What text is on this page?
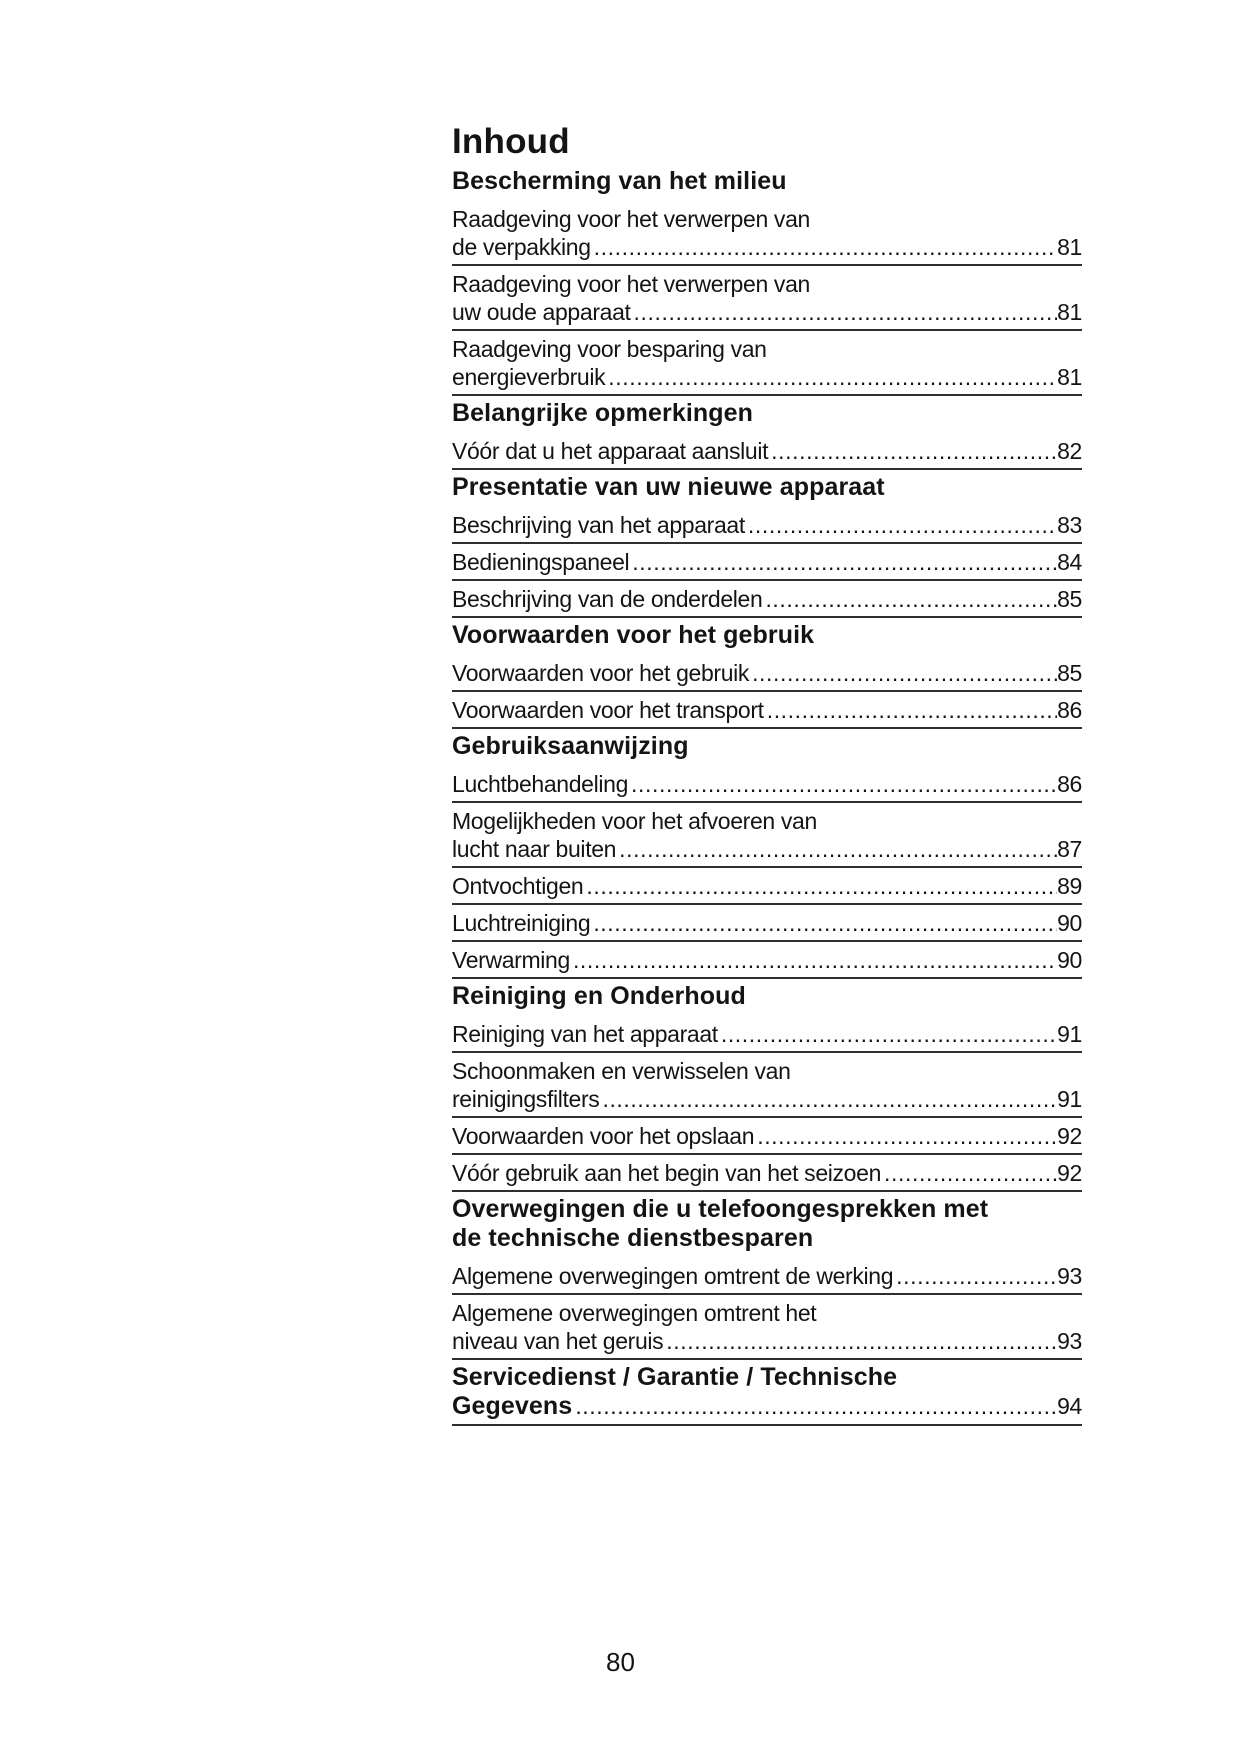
Inhoud
Bescherming van het milieu
Raadgeving voor het verwerpen van
de verpakking .....	81
Raadgeving voor het verwerpen van
uw oude apparaat .....	81
Raadgeving voor besparing van
energieverbruik .....	81
Belangrijke opmerkingen
Vóór dat u het apparaat aansluit .....	82
Presentatie van uw nieuwe apparaat
Beschrijving van het apparaat .....	83
Bedieningspaneel .....	84
Beschrijving van de onderdelen .....	85
Voorwaarden voor het gebruik
Voorwaarden voor het gebruik .....	85
Voorwaarden voor het transport .....	86
Gebruiksaanwijzing
Luchtbehandeling .....	86
Mogelijkheden voor het afvoeren van
lucht naar buiten .....	87
Ontvochtigen .....	89
Luchtreiniging .....	90
Verwarming .....	90
Reiniging en Onderhoud
Reiniging van het apparaat .....	91
Schoonmaken en verwisselen van
reinigingsfilters .....	91
Voorwaarden voor het opslaan .....	92
Vóór gebruik aan het begin van het seizoen .....	92
Overwegingen die u telefoongesprekken met
de technische dienstbesparen
Algemene overwegingen omtrent de werking .....	93
Algemene overwegingen omtrent het
niveau van het geruis .....	93
Servicedienst / Garantie / Technische
Gegevens .....	94
80
